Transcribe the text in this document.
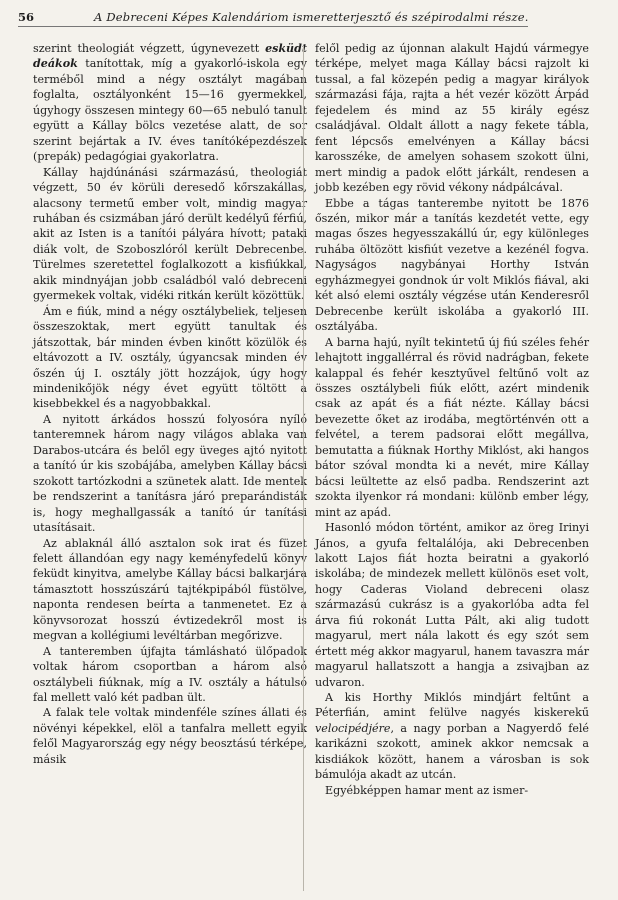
56	A Debreceni Képes Kalendáriom ismeretterjesztő és szépirodalmi része.

szerint theologiát végzett, úgynevezett esküdt deákok tanítottak, míg a gyakorló-iskola egy terméből mind a négy osztályt magában foglalta, osztályonként 15—16 gyermekkel, úgyhogy összesen mintegy 60—65 nebuló tanult együtt a Kállay bölcs vezetése alatt, de sor szerint bejártak a IV. éves tanítóképezdészek (prepák) pedagógiai gyakorlatra.

Kállay hajdúnánási származású, theologiát végzett, 50 év körüli deresedő kőrszakállas, alacsony termetű ember volt, mindig magyar ruhában és csizmában járó derült kedélyű férfiú, akit az Isten is a tanítói pályára hívott; pataki diák volt, de Szoboszlóról került Debrecenbe. Türelmes szeretettel foglalkozott a kisfiúkkal, akik mindnyájan jobb családból való debreceni gyermekek voltak, vidéki ritkán került közöttük.

Ám e fiúk, mind a négy osztálybeliek, teljesen összeszoktak, mert együtt tanultak és játszottak, bár minden évben kinőtt közülök és eltávozott a IV. osztály, úgyancsak minden év őszén új I. osztály jött hozzájok, úgy hogy mindenikőjök négy évet együtt töltött a kisebbekkel és a nagyobbakkal.

A nyitott árkádos hosszú folyosóra nyíló tanteremnek három nagy világos ablaka van Darabos-utcára és belől egy üveges ajtó nyitott a tanító úr kis szobájába, amelyben Kállay bácsi szokott tartózkodni a szünetek alatt. Ide mentek be rendszerint a tanításra járó preparándisták is, hogy meghallgassák a tanító úr tanítási utasításait.

Az ablaknál álló asztalon sok irat és füzet felett állandóan egy nagy keményfedelű könyv feküdt kinyitva, amelybe Kállay bácsi balkarjára támasztott hosszúszárú tajtékpipából füstölve, naponta rendesen beírta a tanmenetet. Ez a könyvsorozat hosszú évtizedekről most is megvan a kollégiumi levéltárban megőrizve.

A tanteremben újfajta támlásható ülőpadok voltak három csoportban a három alsó osztálybeli fiúknak, míg a IV. osztály a hátulsó fal mellett való két padban ült.

A falak tele voltak mindenféle színes állati és növényi képekkel, elöl a tanfalra mellett egyik felől Magyarország egy négy beosztású térképe, másik

felől pedig az újonnan alakult Hajdú vármegye térképe, melyet maga Kállay bácsi rajzolt ki tussal, a fal közepén pedig a magyar királyok származási fája, rajta a hét vezér között Árpád fejedelem és mind az 55 király egész családjával. Oldalt állott a nagy fekete tábla, fent lépcsős emelvényen a Kállay bácsi karosszéke, de amelyen sohasem szokott ülni, mert mindig a padok előtt járkált, rendesen a jobb kezében egy rövid vékony nádpálcával.

Ebbe a tágas tanterembe nyitott be 1876 őszén, mikor már a tanítás kezdetét vette, egy magas őszes hegyesszakállú úr, egy különleges ruhába öltözött kisfiút vezetve a kezénél fogva. Nagyságos nagybányai Horthy István egyházmegyei gondnok úr volt Miklós fiával, aki két alsó elemi osztály végzése után Kenderesről Debrecenbe került iskolába a gyakorló III. osztályába.

A barna hajú, nyílt tekintetű új fiú széles fehér lehajtott inggallérral és rövid nadrágban, fekete kalappal és fehér kesztyűvel feltűnő volt az összes osztálybeli fiúk előtt, azért mindenik csak az apát és a fiát nézte. Kállay bácsi bevezette őket az irodába, megtörténvén ott a felvétel, a terem padsorai előtt megállva, bemutatta a fiúknak Horthy Miklóst, aki hangos bátor szóval mondta ki a nevét, mire Kállay bácsi leültette az első padba. Rendszerint azt szokta ilyenkor rá mondani: különb ember légy, mint az apád.

Hasonló módon történt, amikor az öreg Irinyi János, a gyufa feltalálója, aki Debrecenben lakott Lajos fiát hozta beiratni a gyakorló iskolába; de mindezek mellett különös eset volt, hogy Caderas Violand debreceni olasz származású cukrász is a gyakorlóba adta fel árva fiú rokonát Lutta Pált, aki alig tudott magyarul, mert nála lakott és egy szót sem értett még akkor magyarul, hanem tavaszra már magyarul hallatszott a hangja a zsivajban az udvaron.

A kis Horthy Miklós mindjárt feltűnt a Péterfián, amint felülve nagyés kiskerekű velocipédjére, a nagy porban a Nagyerdő felé karikázni szokott, aminek akkor nemcsak a kisdiákok között, hanem a városban is sok bámulója akadt az utcán.

Egyébképpen hamar ment az ismer-
